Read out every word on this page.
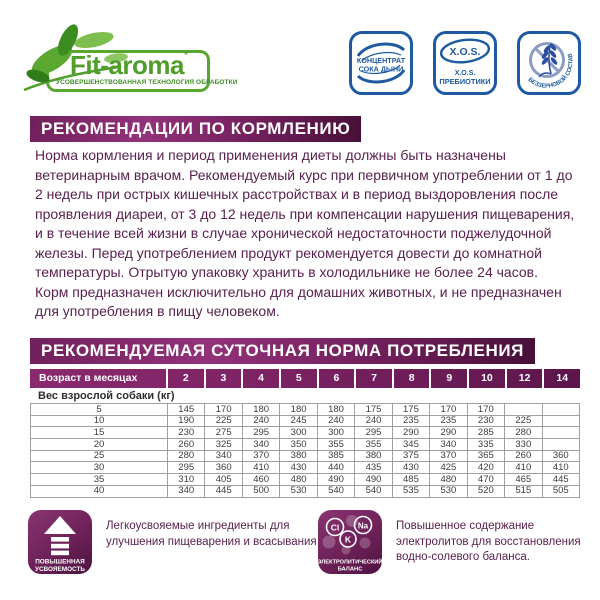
Fit-aroma*
УСОВЕРШЕНСТВОВАННАЯ ТЕХНОЛОГИЯ ОБРАБОТКИ
КОНЦЕНТРАТ
СОКА ДЫНИ
X.O.S.
X.O.S.
ПРЕБИОТИКИ	БЕЗЗЕРНОВОЙ СОСТАВ
РЕКОМЕНДАЦИИ ПО КОРМЛЕНИЮ
Норма кормления и период применения диеты должны быть назначены ветеринарным врачом. Рекомендуемый курс при первичном употреблении от 1 до 2 недель при острых кишечных расстройствах и в период выздоровления после проявления диареи, от 3 до 12 недель при компенсации нарушения пищеварения, и в течение всей жизни в случае хронической недостаточности поджелудочной железы. Перед употреблением продукт рекомендуется довести до комнатной температуры. Отрытую упаковку хранить в холодильнике не более 24 часов. Корм предназначен исключительно для домашних животных, и не предназначен для употребления в пищу человеком.
РЕКОМЕНДУЕМАЯ СУТОЧНАЯ НОРМА ПОТРЕБЛЕНИЯ
Возраст в месяцах	2	3	4	5	6	7	8	9	10	12	14
Вес взрослой собаки (кг)
5	145	170	180	180	180	175	175	170	170		
10	190	225	240	245	240	240	235	235	230	225	
15	230	275	295	300	300	295	290	290	285	280	
20	260	325	340	350	355	355	345	340	335	330	
25	280	340	370	380	385	380	375	370	365	260	360
30	295	360	410	430	440	435	430	425	420	410	410
35	310	405	460	480	490	490	485	480	470	465	445
40	340	445	500	530	540	540	535	530	520	515	505
ПОВЫШЕННАЯ
УСВОЯЕМОСТЬ
Легкоусвояемые ингредиенты для улучшения пищеварения и всасывания
Cl Na
K
ЭЛЕКТРОЛИТИЧЕСКИЙ
БАЛАНС
Повышенное содержание электролитов для восстановления водно-солевого баланса.
